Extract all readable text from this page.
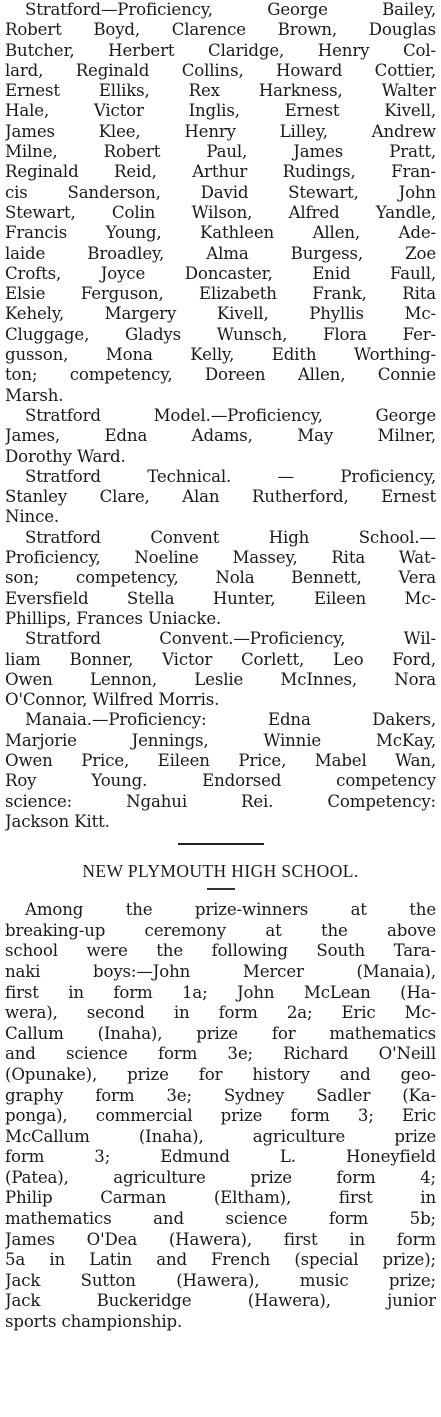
Stratford—Proficiency, George Bailey,
Robert Boyd, Clarence Brown, Douglas
Butcher, Herbert Claridge, Henry Col-
lard, Reginald Collins, Howard Cottier,
Ernest Elliks, Rex Harkness, Walter
Hale, Victor Inglis, Ernest Kivell,
James Klee, Henry Lilley, Andrew
Milne, Robert Paul, James Pratt,
Reginald Reid, Arthur Rudings, Fran-
cis Sanderson, David Stewart, John
Stewart, Colin Wilson, Alfred Yandle,
Francis Young, Kathleen Allen, Ade-
laide Broadley, Alma Burgess, Zoe
Crofts, Joyce Doncaster, Enid Faull,
Elsie Ferguson, Elizabeth Frank, Rita
Kehely, Margery Kivell, Phyllis Mc-
Cluggage, Gladys Wunsch, Flora Fer-
gusson, Mona Kelly, Edith Worthing-
ton; competency, Doreen Allen, Connie
Marsh.
Stratford Model.—Proficiency, George
James, Edna Adams, May Milner,
Dorothy Ward.
Stratford Technical. — Proficiency,
Stanley Clare, Alan Rutherford, Ernest
Nince.
Stratford Convent High School.—
Proficiency, Noeline Massey, Rita Wat-
son; competency, Nola Bennett, Vera
Eversfield Stella Hunter, Eileen Mc-
Phillips, Frances Uniacke.
Stratford Convent.—Proficiency, Wil-
liam Bonner, Victor Corlett, Leo Ford,
Owen Lennon, Leslie McInnes, Nora
O'Connor, Wilfred Morris.
Manaia.—Proficiency: Edna Dakers,
Marjorie Jennings, Winnie McKay,
Owen Price, Eileen Price, Mabel Wan,
Roy Young. Endorsed competency
science: Ngahui Rei. Competency:
Jackson Kitt.
NEW PLYMOUTH HIGH SCHOOL.
Among the prize-winners at the
breaking-up ceremony at the above
school were the following South Tara-
naki boys:—John Mercer (Manaia),
first in form 1a; John McLean (Ha-
wera), second in form 2a; Eric Mc-
Callum (Inaha), prize for mathematics
and science form 3e; Richard O'Neill
(Opunake), prize for history and geo-
graphy form 3e; Sydney Sadler (Ka-
ponga), commercial prize form 3; Eric
McCallum (Inaha), agriculture prize
form 3; Edmund L. Honeyfield
(Patea), agriculture prize form 4;
Philip Carman (Eltham), first in
mathematics and science form 5b;
James O'Dea (Hawera), first in form
5a in Latin and French (special prize);
Jack Sutton (Hawera), music prize;
Jack Buckeridge (Hawera), junior
sports championship.
